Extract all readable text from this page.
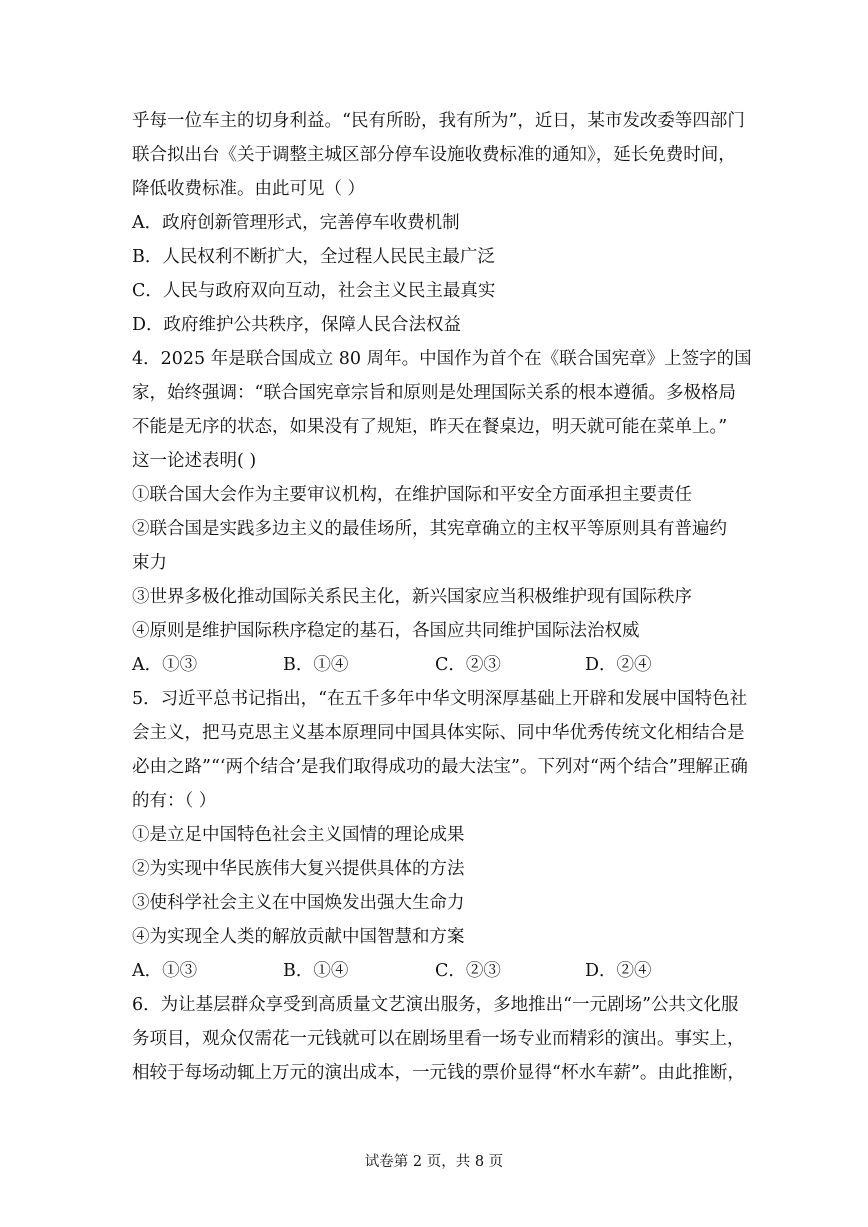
乎每一位车主的切身利益。“民有所盼，我有所为”，近日，某市发改委等四部门
联合拟出台《关于调整主城区部分停车设施收费标准的通知》，延长免费时间，
降低收费标准。由此可见（ ）
A．政府创新管理形式，完善停车收费机制
B．人民权利不断扩大，全过程人民民主最广泛
C．人民与政府双向互动，社会主义民主最真实
D．政府维护公共秩序，保障人民合法权益
4．2025 年是联合国成立 80 周年。中国作为首个在《联合国宪章》上签字的国
家，始终强调：“联合国宪章宗旨和原则是处理国际关系的根本遵循。多极格局
不能是无序的状态，如果没有了规矩，昨天在餐桌边，明天就可能在菜单上。”
这一论述表明( )
①联合国大会作为主要审议机构，在维护国际和平安全方面承担主要责任
②联合国是实践多边主义的最佳场所，其宪章确立的主权平等原则具有普遍约
束力
③世界多极化推动国际关系民主化，新兴国家应当积极维护现有国际秩序
④原则是维护国际秩序稳定的基石，各国应共同维护国际法治权威
A．①③	B．①④	C．②③	D．②④
5．习近平总书记指出，“在五千多年中华文明深厚基础上开辟和发展中国特色社
会主义，把马克思主义基本原理同中国具体实际、同中华优秀传统文化相结合是
必由之路”“‘两个结合’是我们取得成功的最大法宝”。下列对“两个结合”理解正确
的有：（ ）
①是立足中国特色社会主义国情的理论成果
②为实现中华民族伟大复兴提供具体的方法
③使科学社会主义在中国焕发出强大生命力
④为实现全人类的解放贡献中国智慧和方案
A．①③	B．①④	C．②③	D．②④
6．为让基层群众享受到高质量文艺演出服务，多地推出“一元剧场”公共文化服
务项目，观众仅需花一元钱就可以在剧场里看一场专业而精彩的演出。事实上，
相较于每场动辄上万元的演出成本，一元钱的票价显得“杯水车薪”。由此推断，
试卷第 2 页，共 8 页
